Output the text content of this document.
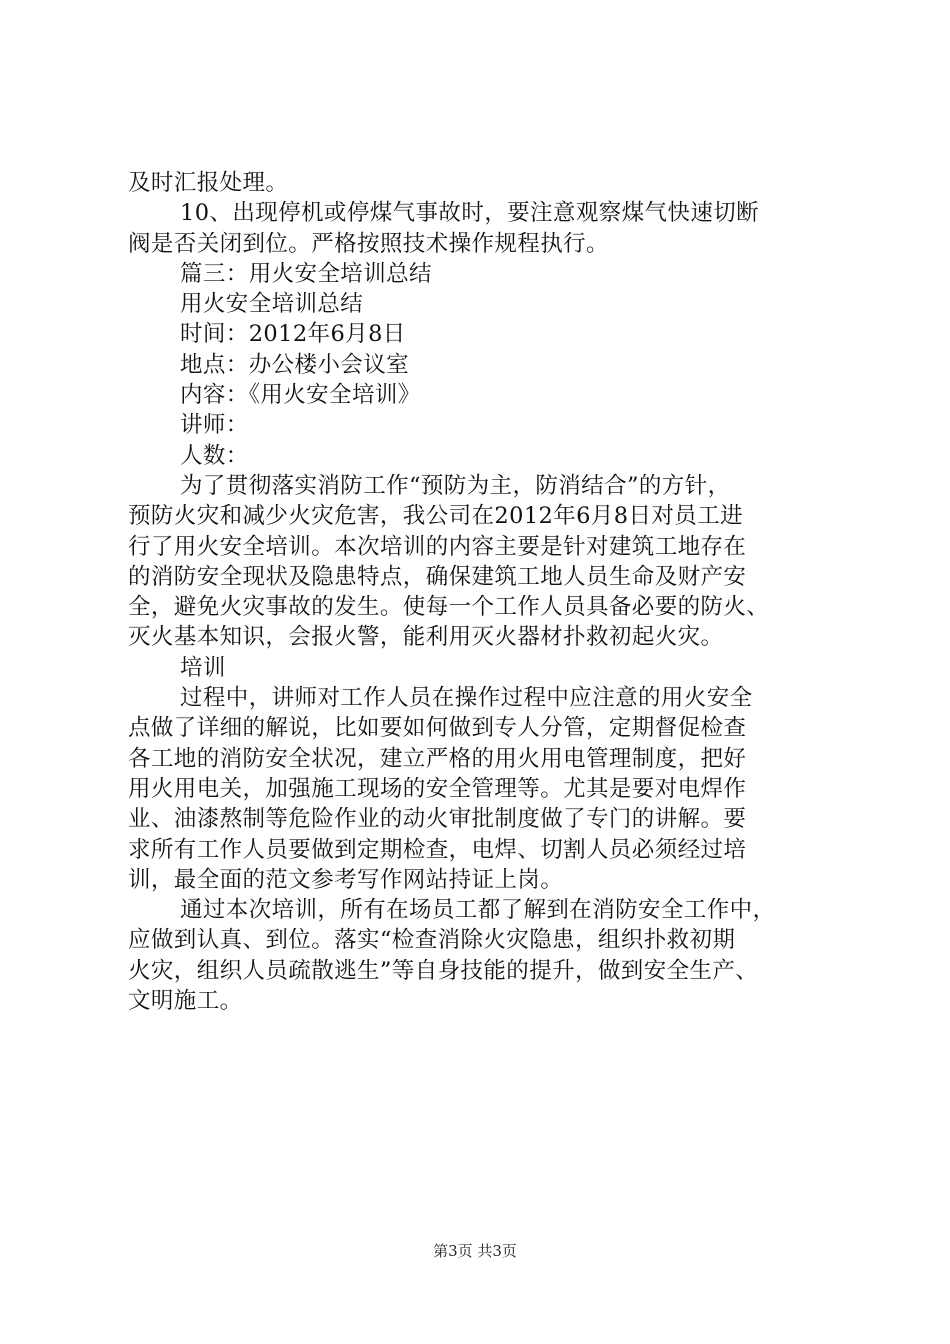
及时汇报处理。
10、出现停机或停煤气事故时，要注意观察煤气快速切断
阀是否关闭到位。严格按照技术操作规程执行。
篇三：用火安全培训总结
用火安全培训总结
时间：2012年6月8日
地点：办公楼小会议室
内容：《用火安全培训》
讲师：
人数：
为了贯彻落实消防工作“预防为主，防消结合”的方针，
预防火灾和减少火灾危害，我公司在2012年6月8日对员工进
行了用火安全培训。本次培训的内容主要是针对建筑工地存在
的消防安全现状及隐患特点，确保建筑工地人员生命及财产安
全，避免火灾事故的发生。使每一个工作人员具备必要的防火、
灭火基本知识，会报火警，能利用灭火器材扑救初起火灾。
培训
过程中，讲师对工作人员在操作过程中应注意的用火安全
点做了详细的解说，比如要如何做到专人分管，定期督促检查
各工地的消防安全状况，建立严格的用火用电管理制度，把好
用火用电关，加强施工现场的安全管理等。尤其是要对电焊作
业、油漆熬制等危险作业的动火审批制度做了专门的讲解。要
求所有工作人员要做到定期检查，电焊、切割人员必须经过培
训，最全面的范文参考写作网站持证上岗。
通过本次培训，所有在场员工都了解到在消防安全工作中，
应做到认真、到位。落实“检查消除火灾隐患，组织扑救初期
火灾，组织人员疏散逃生”等自身技能的提升，做到安全生产、
文明施工。
第3页 共3页
